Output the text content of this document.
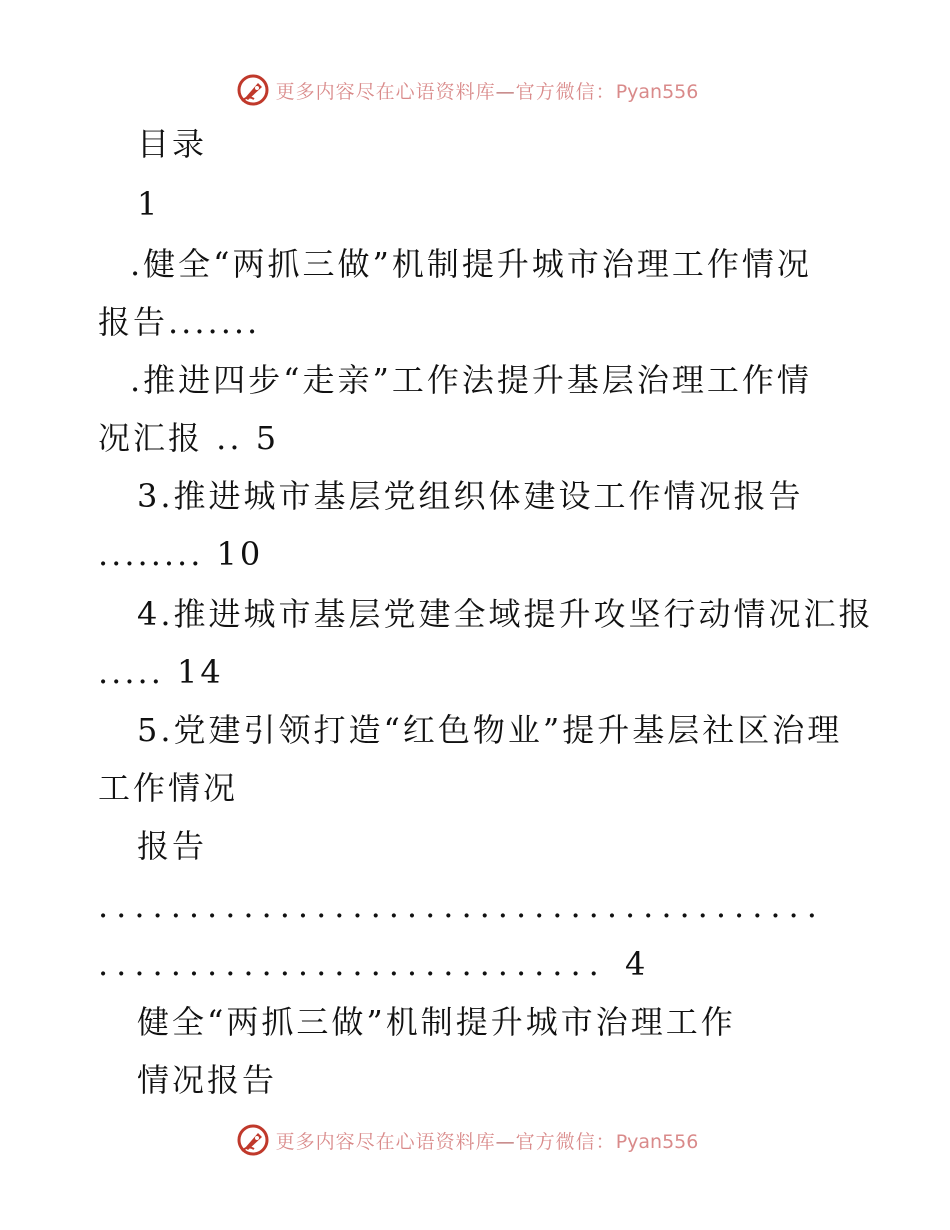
更多内容尽在心语资料库—官方微信：Pyan556
目录
1
.健全“两抓三做”机制提升城市治理工作情况
报告.......
.推进四步“走亲”工作法提升基层治理工作情
况汇报 .. 5
3.推进城市基层党组织体建设工作情况报告
........ 10
4.推进城市基层党建全域提升攻坚行动情况汇报
..... 14
5.党建引领打造“红色物业”提升基层社区治理
工作情况
报告
........................................
............................ 4
健全“两抓三做”机制提升城市治理工作
情况报告
更多内容尽在心语资料库—官方微信：Pyan556
